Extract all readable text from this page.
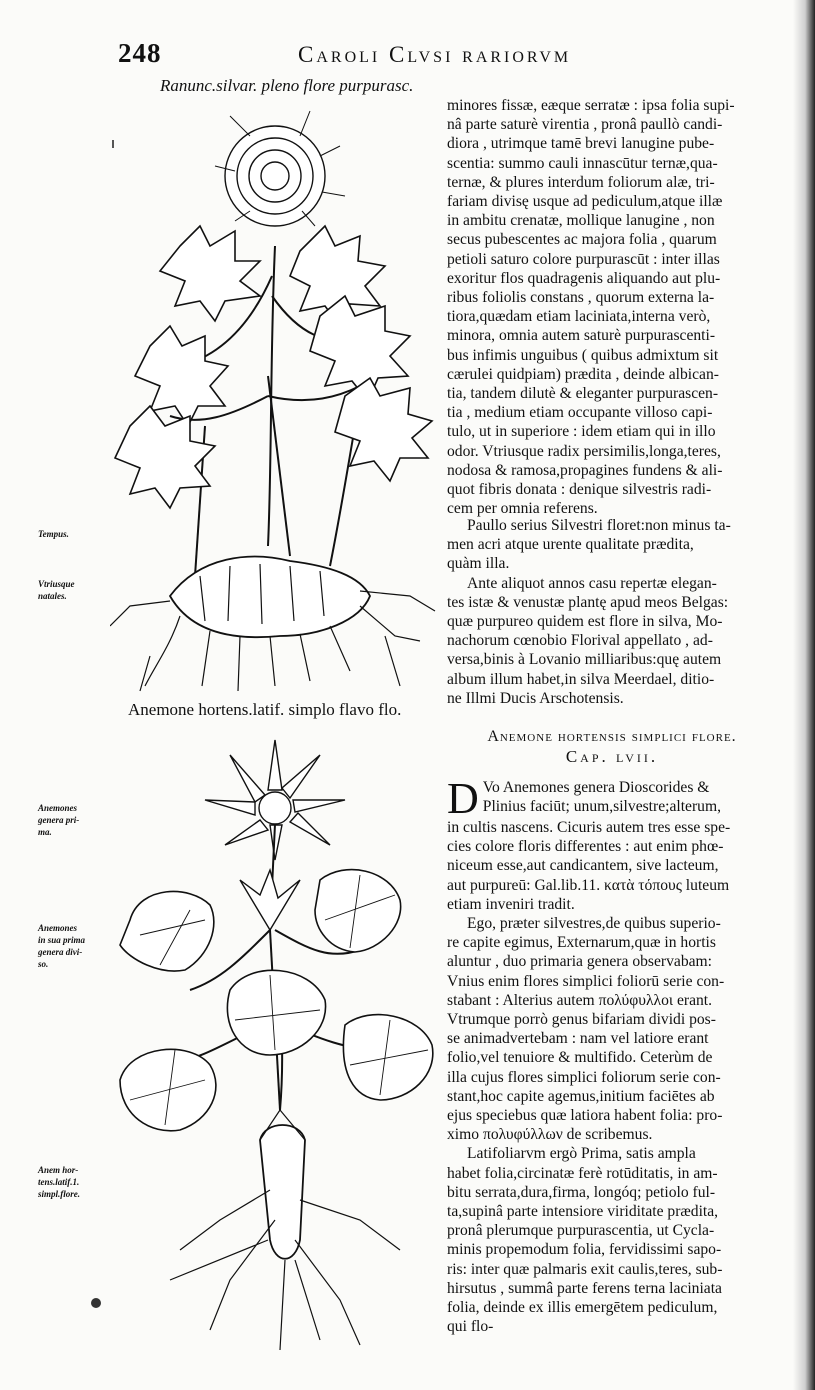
248	Caroli Clvsi rariorvm
Ranunc.silvar. pleno flore purpurasc.
Anemone hortens.latif. simplo flavo flo.
Tempus.
Vtriusque
natales.
Anemones
genera pri-
ma.
Anemones
in sua prima
genera divi-
so.
Anem hor-
tens.latif.1.
simpl.flore.
minores fissæ, eæque serratæ : ipsa folia supi-
nâ parte saturè virentia , pronâ paullò candi-
diora , utrimque tamē brevi lanugine pube-
scentia: summo cauli innascūtur ternæ,qua-
ternæ, & plures interdum foliorum alæ, tri-
fariam divisę usque ad pediculum,atque illæ
in ambitu crenatæ, mollique lanugine , non
secus pubescentes ac majora folia , quarum
petioli saturo colore purpurascūt : inter illas
exoritur flos quadragenis aliquando aut plu-
ribus foliolis constans , quorum externa la-
tiora,quædam etiam laciniata,interna verò,
minora, omnia autem saturè purpurascenti-
bus infimis unguibus ( quibus admixtum sit
cærulei quidpiam) prædita , deinde albican-
tia, tandem dilutè & eleganter purpurascen-
tia , medium etiam occupante villoso capi-
tulo, ut in superiore : idem etiam qui in illo
odor. Vtriusque radix persimilis,longa,teres,
nodosa & ramosa,propagines fundens & ali-
quot fibris donata : denique silvestris radi-
cem per omnia referens.
Paullo serius Silvestri floret:non minus ta-
men acri atque urente qualitate prædita,
quàm illa.
Ante aliquot annos casu repertæ elegan-
tes istæ & venustæ plantę apud meos Belgas:
quæ purpureo quidem est flore in silva, Mo-
nachorum cœnobio Florival appellato , ad-
versa,binis à Lovanio milliaribus:quę autem
album illum habet,in silva Meerdael, ditio-
ne Illmi Ducis Arschotensis.
Anemone hortensis simplici flore.
Cap. lvii.
D Vo Anemones genera Dioscorides &
Plinius faciūt; unum,silvestre;alterum,
in cultis nascens. Cicuris autem tres esse spe-
cies colore floris differentes : aut enim phœ-
niceum esse,aut candicantem, sive lacteum,
aut purpureū: Gal.lib.11. κατὰ τόπους luteum
etiam inveniri tradit.
Ego, præter silvestres,de quibus superio-
re capite egimus, Externarum,quæ in hortis
aluntur , duo primaria genera observabam:
Vnius enim flores simplici foliorū serie con-
stabant : Alterius autem πολύφυλλοι erant.
Vtrumque porrò genus bifariam dividi pos-
se animadvertebam : nam vel latiore erant
folio,vel tenuiore & multifido. Ceterùm de
illa cujus flores simplici foliorum serie con-
stant,hoc capite agemus,initium faciētes ab
ejus speciebus quæ latiora habent folia: pro-
ximo πολυφύλλων de scribemus.
Latifoliarvm ergò Prima, satis ampla
habet folia,circinatæ ferè rotūditatis, in am-
bitu serrata,dura,firma, longóq; petiolo ful-
ta,supinâ parte intensiore viriditate prædita,
pronâ plerumque purpurascentia, ut Cycla-
minis propemodum folia, fervidissimi sapo-
ris: inter quæ palmaris exit caulis,teres, sub-
hirsutus , summâ parte ferens terna laciniata
folia, deinde ex illis emergētem pediculum,
qui flo-
